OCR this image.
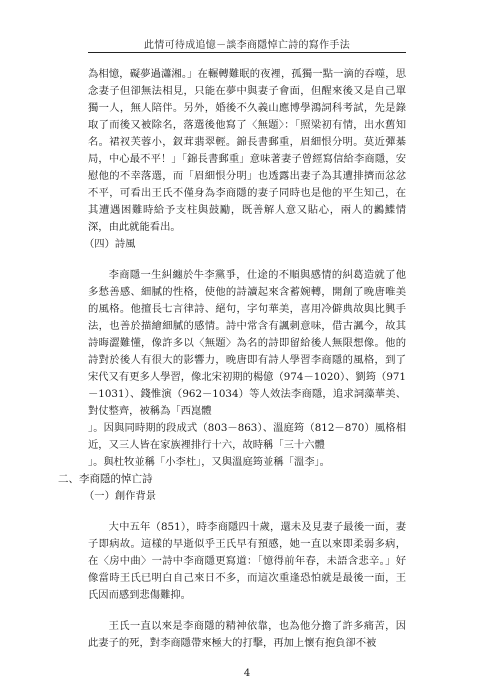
此情可待成追憶－談李商隱悼亡詩的寫作手法

為相憶，礙夢過瀟湘。」在輾轉難眠的夜裡，孤獨一點一滴的吞噬，思念妻子但卻無法相見，只能在夢中與妻子會面，但醒來後又是自己單獨一人，無人陪伴。另外，婚後不久義山應博學鴻詞科考試，先是錄取了而後又被除名，落選後他寫了〈無題〉：「照梁初有情，出水舊知名。裙衩芙蓉小，釵茸翡翠輕。錦長書郵重，眉細恨分明。莫近彈棊局，中心最不平！」「錦長書郵重」意味著妻子曾經寫信給李商隱，安慰他的不幸落選，而「眉細恨分明」也透露出妻子為其遭排擠而忿忿不平，可看出王氏不僅身為李商隱的妻子同時也是他的平生知己，在其遭遇困難時給予支柱與鼓勵，既善解人意又貼心，兩人的鶼鰈情深，由此就能看出。

（四）詩風

李商隱一生糾纏於牛李黨爭，仕途的不順與感情的糾葛造就了他多愁善感、細膩的性格，使他的詩讀起來含蓄婉轉，開創了晚唐唯美的風格。他擅長七言律詩、絕句，字句華美，喜用冷僻典故與比興手法，也善於描繪細膩的感情。詩中常含有諷刺意味，借古諷今，故其詩晦澀難懂，像許多以〈無題〉為名的詩即留給後人無限想像。他的詩對於後人有很大的影響力，晚唐即有詩人學習李商隱的風格，到了宋代又有更多人學習，像北宋初期的楊億（974－1020）、劉筠（971－1031）、錢惟演（962－1034）等人效法李商隱，追求詞藻華美、對仗整齊，被稱為「西崑體

」。因與同時期的段成式（803－863）、溫庭筠（812－870）風格相近，又三人皆在家族裡排行十六，故時稱「三十六體

」。與杜牧並稱「小李杜」，又與溫庭筠並稱「溫李」。

二、李商隱的悼亡詩

（一）創作背景

大中五年（851），時李商隱四十歲，還未及見妻子最後一面，妻子即病故。這樣的早逝似乎王氏早有預感，她一直以來即柔弱多病，在〈房中曲〉一詩中李商隱更寫道：「憶得前年春，未語含悲辛。」好像當時王氏已明白自己來日不多，而這次重逢恐怕就是最後一面，王氏因而感到悲傷難抑。

王氏一直以來是李商隱的精神依靠，也為他分擔了許多痛苦，因此妻子的死，對李商隱帶來極大的打擊，再加上懷有抱負卻不被

4
